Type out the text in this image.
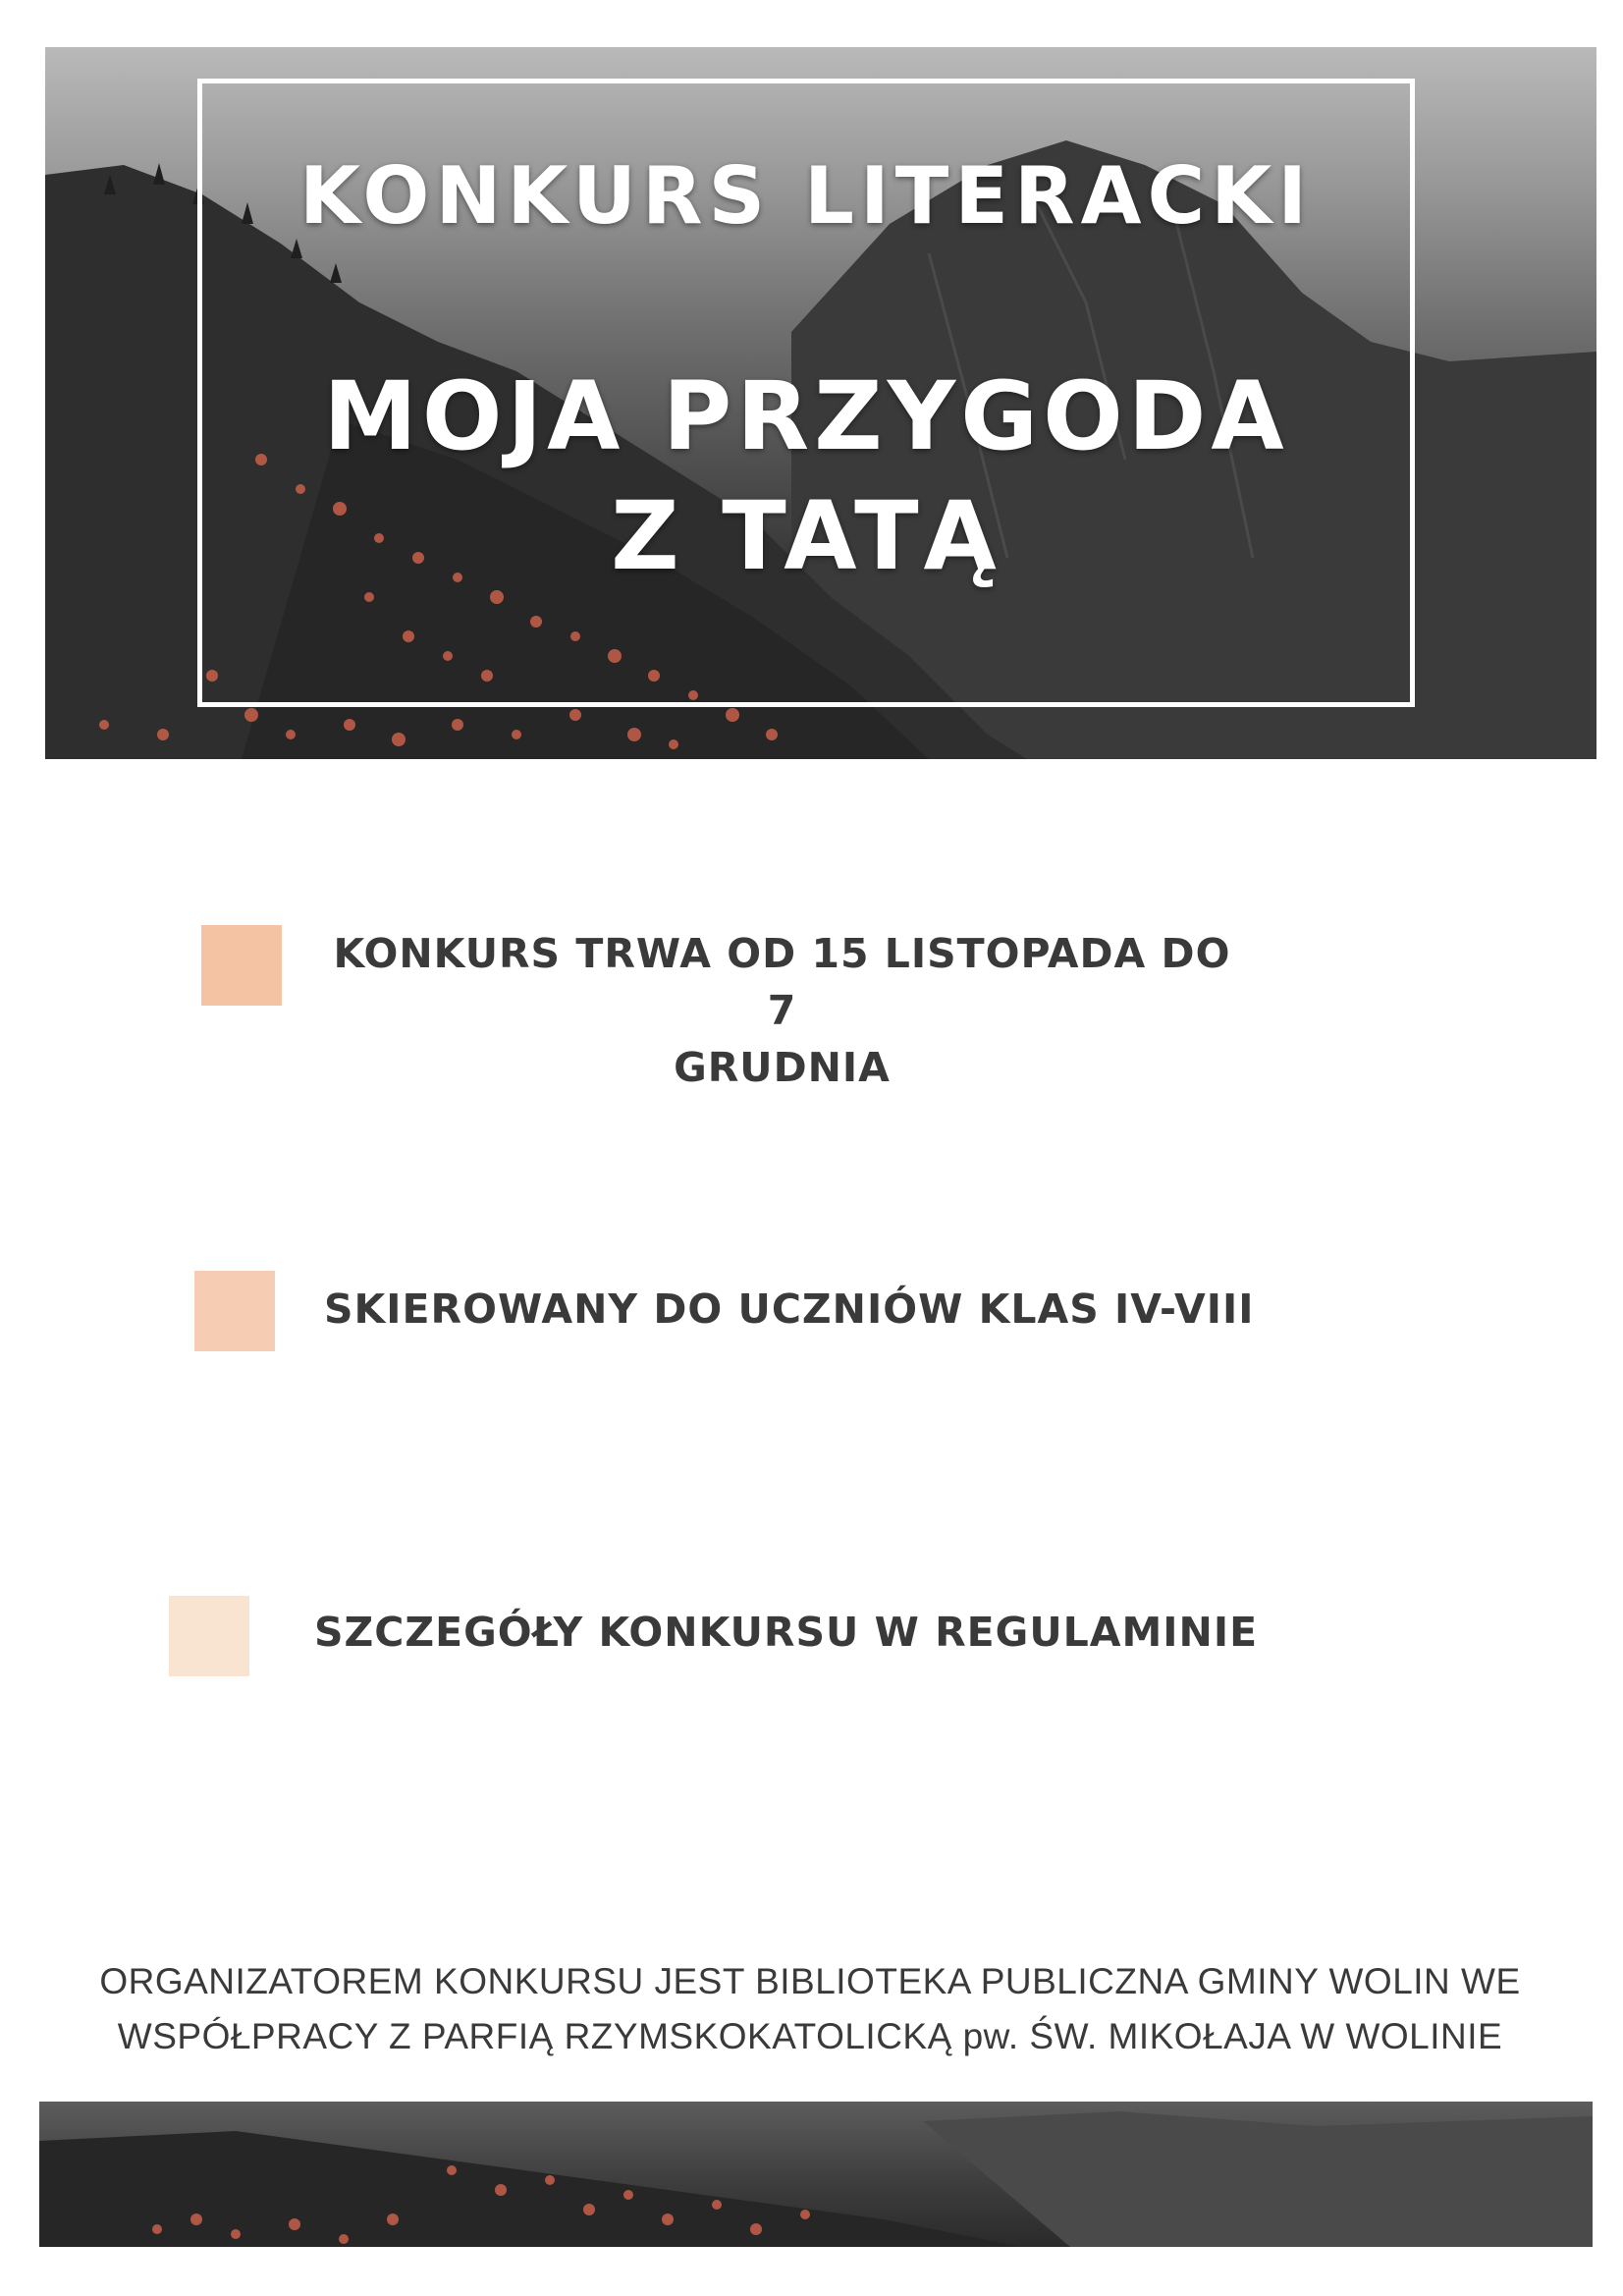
KONKURS LITERACKI
MOJA PRZYGODA
Z TATĄ
KONKURS TRWA OD 15 LISTOPADA DO 7
GRUDNIA
SKIEROWANY DO UCZNIÓW KLAS IV-VIII
SZCZEGÓŁY KONKURSU W REGULAMINIE
ORGANIZATOREM KONKURSU JEST BIBLIOTEKA PUBLICZNA GMINY WOLIN WE
WSPÓŁPRACY Z PARFIĄ RZYMSKOKATOLICKĄ pw. ŚW. MIKOŁAJA W WOLINIE
